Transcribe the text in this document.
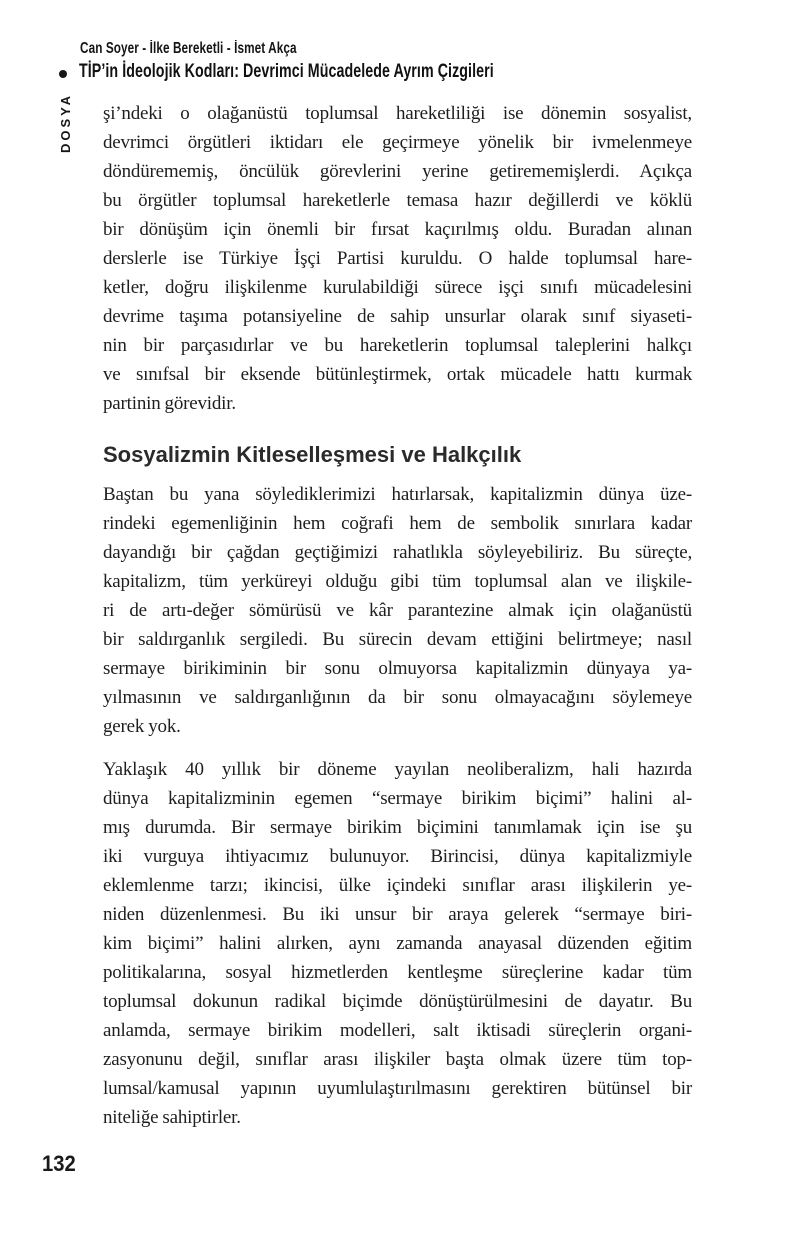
Can Soyer - İlke Bereketli - İsmet Akça
TİP’in İdeolojik Kodları: Devrimci Mücadelede Ayrım Çizgileri
DOSYA şi’ndeki o olağanüstü toplumsal hareketliliği ise dönemin sosyalist,
devrimci örgütleri iktidarı ele geçirmeye yönelik bir ivmelenmeye
döndürememiş, öncülük görevlerini yerine getirememişlerdi. Açıkça
bu örgütler toplumsal hareketlerle temasa hazır değillerdi ve köklü
bir dönüşüm için önemli bir fırsat kaçırılmış oldu. Buradan alınan
derslerle ise Türkiye İşçi Partisi kuruldu. O halde toplumsal hare-
ketler, doğru ilişkilenme kurulabildiği sürece işçi sınıfı mücadelesini
devrime taşıma potansiyeline de sahip unsurlar olarak sınıf siyaseti-
nin bir parçasıdırlar ve bu hareketlerin toplumsal taleplerini halkçı
ve sınıfsal bir eksende bütünleştirmek, ortak mücadele hattı kurmak
partinin görevidir.
Sosyalizmin Kitleselleşmesi ve Halkçılık
Baştan bu yana söylediklerimizi hatırlarsak, kapitalizmin dünya üze-
rindeki egemenliğinin hem coğrafi hem de sembolik sınırlara kadar
dayandığı bir çağdan geçtiğimizi rahatlıkla söyleyebiliriz. Bu süreçte,
kapitalizm, tüm yerküreyi olduğu gibi tüm toplumsal alan ve ilişkile-
ri de artı-değer sömürüsü ve kâr parantezine almak için olağanüstü
bir saldırganlık sergiledi. Bu sürecin devam ettiğini belirtmeye; nasıl
sermaye birikiminin bir sonu olmuyorsa kapitalizmin dünyaya ya-
yılmasının ve saldırganlığının da bir sonu olmayacağını söylemeye
gerek yok.
Yaklaşık 40 yıllık bir döneme yayılan neoliberalizm, hali hazırda
dünya kapitalizminin egemen “sermaye birikim biçimi” halini al-
mış durumda. Bir sermaye birikim biçimini tanımlamak için ise şu
iki vurguya ihtiyacımız bulunuyor. Birincisi, dünya kapitalizmiyle
eklemlenme tarzı; ikincisi, ülke içindeki sınıflar arası ilişkilerin ye-
niden düzenlenmesi. Bu iki unsur bir araya gelerek “sermaye biri-
kim biçimi” halini alırken, aynı zamanda anayasal düzenden eğitim
politikalarına, sosyal hizmetlerden kentleşme süreçlerine kadar tüm
toplumsal dokunun radikal biçimde dönüştürülmesini de dayatır. Bu
anlamda, sermaye birikim modelleri, salt iktisadi süreçlerin organi-
zasyonunu değil, sınıflar arası ilişkiler başta olmak üzere tüm top-
lumsal/kamusal yapının uyumlulaştırılmasını gerektiren bütünsel bir
niteliğe sahiptirler.
132
